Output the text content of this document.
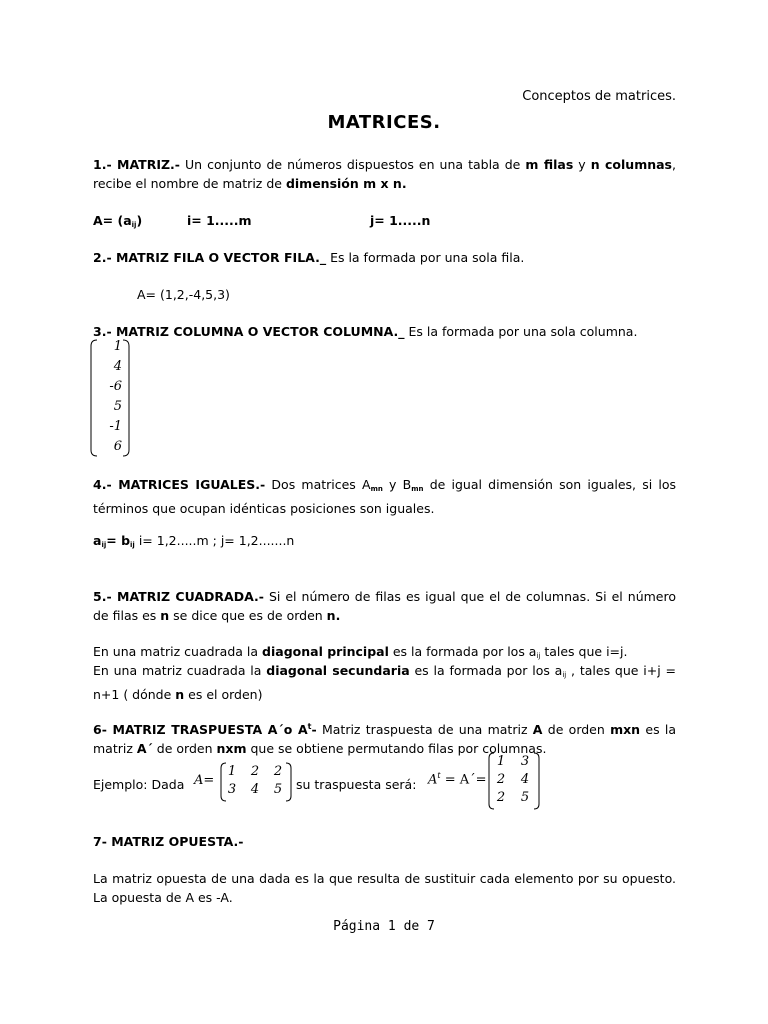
Conceptos de matrices.
MATRICES.
1.- MATRIZ.- Un conjunto de números dispuestos en una tabla de m filas y n columnas, recibe el nombre de matriz de dimensión m x n.
$A= (a_{ij})$	i= 1.....m	j= 1.....n
2.- MATRIZ FILA O VECTOR FILA._ Es la formada por una sola fila.
A= (1,2,-4,5,3)
3.- MATRIZ COLUMNA O VECTOR COLUMNA._ Es la formada por una sola columna.
1
4
-6
5
-1
6
4.- MATRICES IGUALES.- Dos matrices $A_{mn}$ y $B_{mn}$ de igual dimensión son iguales, si los términos que ocupan idénticas posiciones son iguales.
$a_{ij}= b_{ij}$ i= 1,2.....m ; j= 1,2.......n
5.- MATRIZ CUADRADA.- Si el número de filas es igual que el de columnas. Si el número de filas es n se dice que es de orden n.
En una matriz cuadrada la diagonal principal es la formada por los $a_{ij}$ tales que i=j.
En una matriz cuadrada la diagonal secundaria es la formada por los $a_{ij}$ , tales que i+j = n+1 ( dónde n es el orden)
6- MATRIZ TRASPUESTA A´o $A^t-$ Matriz traspuesta de una matriz A de orden mxn es la matriz A´ de orden nxm que se obtiene permutando filas por columnas.
Ejemplo: Dada A=
1	2	2
3	4	5	su traspuesta será: $A^t$ = A´=
1	3
2	4
2	5
7- MATRIZ OPUESTA.-
La matriz opuesta de una dada es la que resulta de sustituir cada elemento por su opuesto. La opuesta de A es -A.
Página 1 de 7
